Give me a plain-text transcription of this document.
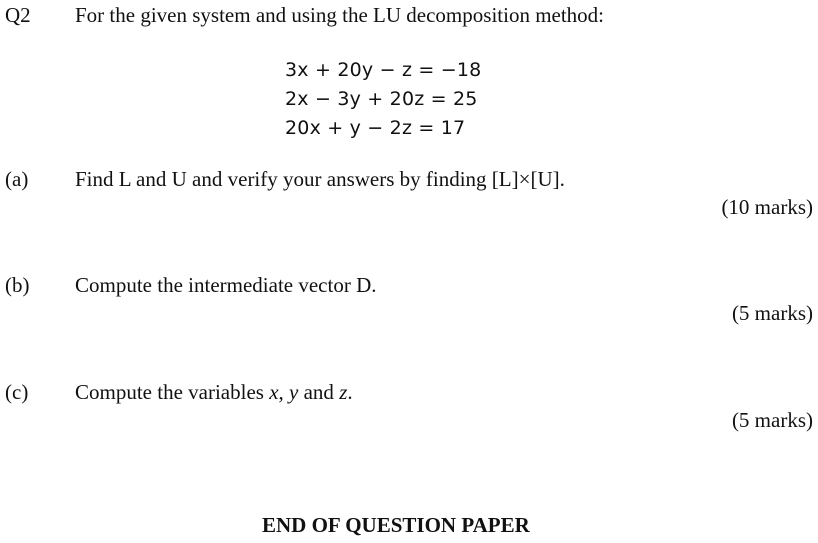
Q2 For the given system and using the LU decomposition method:
3x + 20y − z = −18
2x − 3y + 20z = 25
20x + y − 2z = 17
(a) Find L and U and verify your answers by finding [L]×[U].
(10 marks)
(b) Compute the intermediate vector D.
(5 marks)
(c) Compute the variables x, y and z.
(5 marks)
END OF QUESTION PAPER
